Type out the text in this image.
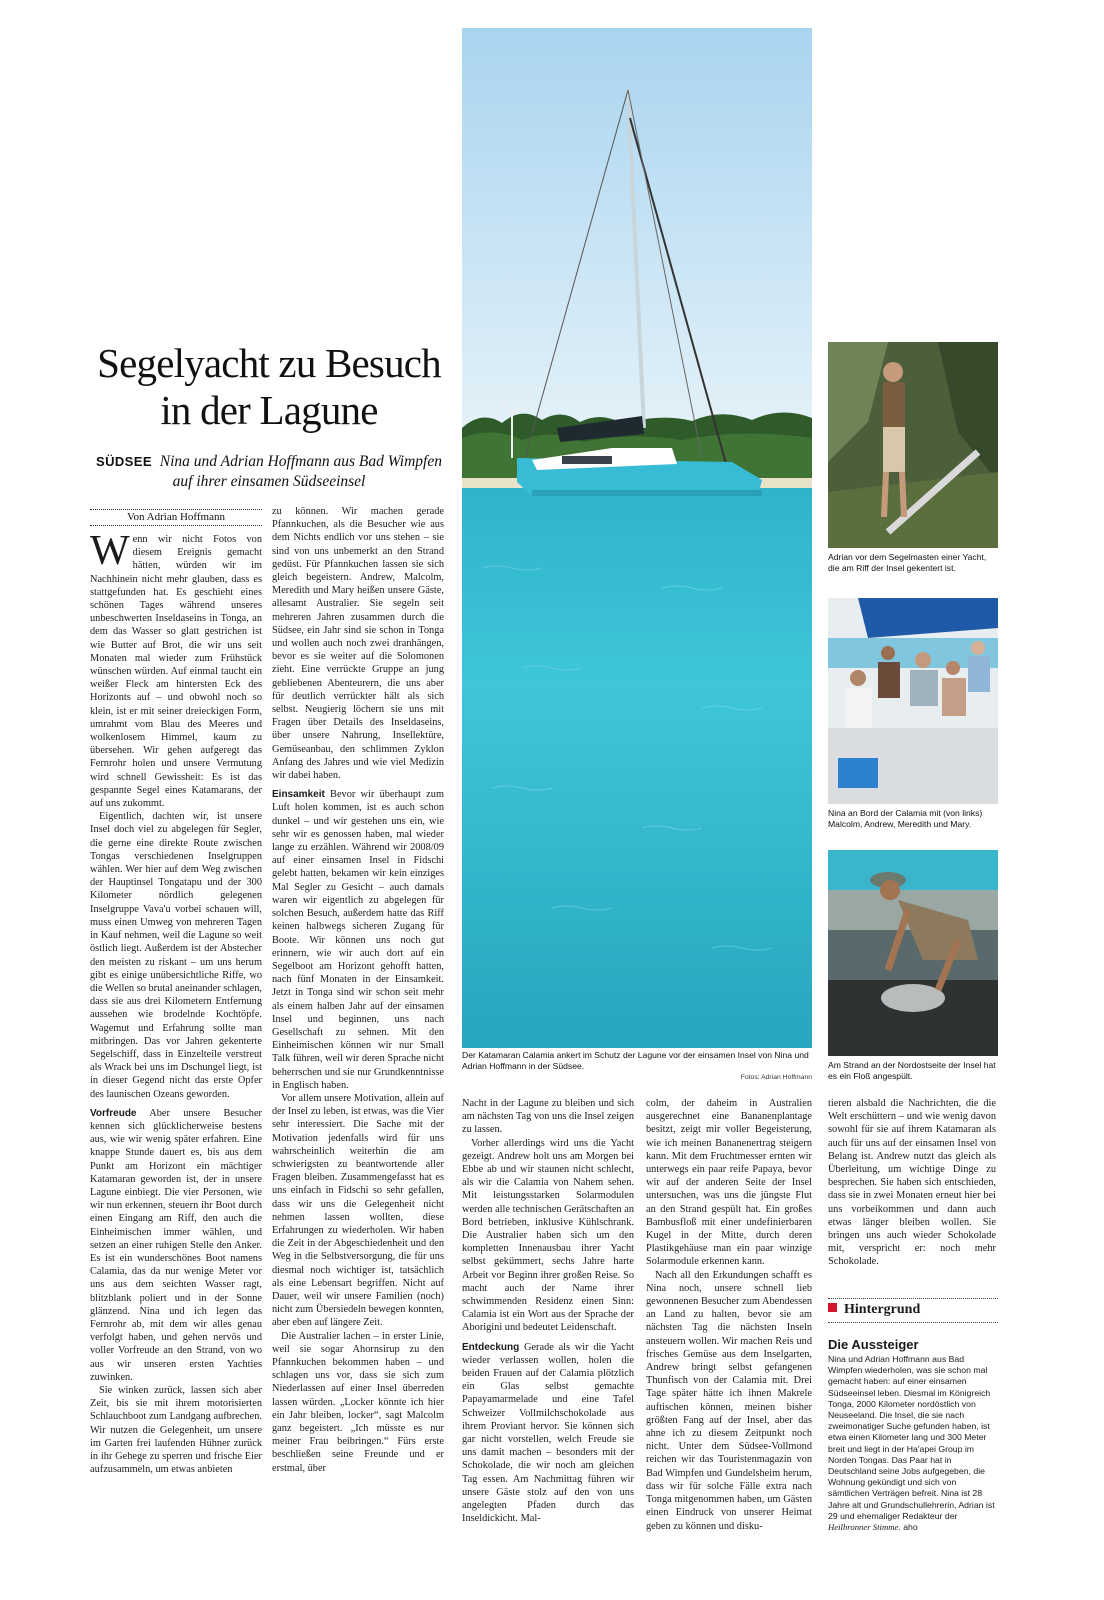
Segelyacht zu Besuch in der Lagune
SÜDSEE Nina und Adrian Hoffmann aus Bad Wimpfen auf ihrer einsamen Südseeinsel
Von Adrian Hoffmann

Wenn wir nicht Fotos von diesem Ereignis gemacht hätten, würden wir im Nachhinein nicht mehr glauben, dass es stattgefunden hat. Es geschieht eines schönen Tages während unseres unbeschwerten Inseldaseins in Tonga, an dem das Wasser so glatt gestrichen ist wie Butter auf Brot, die wir uns seit Monaten mal wieder zum Frühstück wünschen würden. Auf einmal taucht ein weißer Fleck am hintersten Eck des Horizonts auf – und obwohl noch so klein, ist er mit seiner dreieckigen Form, umrahmt vom Blau des Meeres und wolkenlosem Himmel, kaum zu übersehen. Wir gehen aufgeregt das Fernrohr holen und unsere Vermutung wird schnell Gewissheit: Es ist das gespannte Segel eines Katamarans, der auf uns zukommt.

Eigentlich, dachten wir, ist unsere Insel doch viel zu abgelegen für Segler, die gerne eine direkte Route zwischen Tongas verschiedenen Inselgruppen wählen. Wer hier auf dem Weg zwischen der Hauptinsel Tongatapu und der 300 Kilometer nördlich gelegenen Inselgruppe Vava'u vorbei schauen will, muss einen Umweg von mehreren Tagen in Kauf nehmen, weil die Lagune so weit östlich liegt. Außerdem ist der Abstecher den meisten zu riskant – um uns herum gibt es einige unübersichtliche Riffe, wo die Wellen so brutal aneinander schlagen, dass sie aus drei Kilometern Entfernung aussehen wie brodelnde Kochtöpfe. Wagemut und Erfahrung sollte man mitbringen. Das vor Jahren gekenterte Segelschiff, dass in Einzelteile verstreut als Wrack bei uns im Dschungel liegt, ist in dieser Gegend nicht das erste Opfer des launischen Ozeans geworden.

Vorfreude Aber unsere Besucher kennen sich glücklicherweise bestens aus, wie wir wenig später erfahren. Eine knappe Stunde dauert es, bis aus dem Punkt am Horizont ein mächtiger Katamaran geworden ist, der in unsere Lagune einbiegt. Die vier Personen, wie wir nun erkennen, steuern ihr Boot durch einen Eingang am Riff, den auch die Einheimischen immer wählen, und setzen an einer ruhigen Stelle den Anker. Es ist ein wunderschönes Boot namens Calamia, das da nur wenige Meter vor uns aus dem seichten Wasser ragt, blitzblank poliert und in der Sonne glänzend. Nina und ich legen das Fernrohr ab, mit dem wir alles genau verfolgt haben, und gehen nervös und voller Vorfreude an den Strand, von wo aus wir unseren ersten Yachties zuwinken.

Sie winken zurück, lassen sich aber Zeit, bis sie mit ihrem motorisierten Schlauchboot zum Landgang aufbrechen. Wir nutzen die Gelegenheit, um unsere im Garten frei laufenden Hühner zurück in ihr Gehege zu sperren und frische Eier aufzusammeln, um etwas anbieten

zu können. Wir machen gerade Pfannkuchen, als die Besucher wie aus dem Nichts endlich vor uns stehen – sie sind von uns unbemerkt an den Strand gedüst. Für Pfannkuchen lassen sie sich gleich begeistern. Andrew, Malcolm, Meredith und Mary heißen unsere Gäste, allesamt Australier. Sie segeln seit mehreren Jahren zusammen durch die Südsee, ein Jahr sind sie schon in Tonga und wollen auch noch zwei dranhängen, bevor es sie weiter auf die Solomonen zieht. Eine verrückte Gruppe an jung gebliebenen Abenteurern, die uns aber für deutlich verrückter hält als sich selbst. Neugierig löchern sie uns mit Fragen über Details des Inseldaseins, über unsere Nahrung, Insellektüre, Gemüseanbau, den schlimmen Zyklon Anfang des Jahres und wie viel Medizin wir dabei haben.

Einsamkeit Bevor wir überhaupt zum Luft holen kommen, ist es auch schon dunkel – und wir gestehen uns ein, wie sehr wir es genossen haben, mal wieder lange zu erzählen. Während wir 2008/09 auf einer einsamen Insel in Fidschi gelebt hatten, bekamen wir kein einziges Mal Segler zu Gesicht – auch damals waren wir eigentlich zu abgelegen für solchen Besuch, außerdem hatte das Riff keinen halbwegs sicheren Zugang für Boote. Wir können uns noch gut erinnern, wie wir auch dort auf ein Segelboot am Horizont gehofft hatten, nach fünf Monaten in der Einsamkeit. Jetzt in Tonga sind wir schon seit mehr als einem halben Jahr auf der einsamen Insel und beginnen, uns nach Gesellschaft zu sehnen. Mit den Einheimischen können wir nur Small Talk führen, weil wir deren Sprache nicht beherrschen und sie nur Grundkenntnisse in Englisch haben.

Vor allem unsere Motivation, allein auf der Insel zu leben, ist etwas, was die Vier sehr interessiert. Die Sache mit der Motivation jedenfalls wird für uns wahrscheinlich weiterhin die am schwierigsten zu beantwortende aller Fragen bleiben. Zusammengefasst hat es uns einfach in Fidschi so sehr gefallen, dass wir uns die Gelegenheit nicht nehmen lassen wollten, diese Erfahrungen zu wiederholen. Wir haben die Zeit in der Abgeschiedenheit und den Weg in die Selbstversorgung, die für uns diesmal noch wichtiger ist, tatsächlich als eine Lebensart begriffen. Nicht auf Dauer, weil wir unsere Familien (noch) nicht zum Übersiedeln bewegen konnten, aber eben auf längere Zeit.

Die Australier lachen – in erster Linie, weil sie sogar Ahornsirup zu den Pfannkuchen bekommen haben – und schlagen uns vor, dass sie sich zum Niederlassen auf einer Insel überreden lassen würden. „Locker könnte ich hier ein Jahr bleiben, locker“, sagt Malcolm ganz begeistert. „Ich müsste es nur meiner Frau beibringen.“ Fürs erste beschließen seine Freunde und er erstmal, über

Der Katamaran Calamia ankert im Schutz der Lagune vor der einsamen Insel von Nina und Adrian Hoffmann in der Südsee.
Fotos: Adrian Hoffmann
Adrian vor dem Segelmasten einer Yacht, die am Riff der Insel gekentert ist.
Nina an Bord der Calamia mit (von links) Malcolm, Andrew, Meredith und Mary.
Am Strand an der Nordostseite der Insel hat es ein Floß angespült.

Nacht in der Lagune zu bleiben und sich am nächsten Tag von uns die Insel zeigen zu lassen.

Vorher allerdings wird uns die Yacht gezeigt. Andrew holt uns am Morgen bei Ebbe ab und wir staunen nicht schlecht, als wir die Calamia von Nahem sehen. Mit leistungsstarken Solarmodulen werden alle technischen Gerätschaften an Bord betrieben, inklusive Kühlschrank. Die Australier haben sich um den kompletten Innenausbau ihrer Yacht selbst gekümmert, sechs Jahre harte Arbeit vor Beginn ihrer großen Reise. So macht auch der Name ihrer schwimmenden Residenz einen Sinn: Calamia ist ein Wort aus der Sprache der Aborigini und bedeutet Leidenschaft.

Entdeckung Gerade als wir die Yacht wieder verlassen wollen, holen die beiden Frauen auf der Calamia plötzlich ein Glas selbst gemachte Papayamarmelade und eine Tafel Schweizer Vollmilchschokolade aus ihrem Proviant hervor. Sie können sich gar nicht vorstellen, welch Freude sie uns damit machen – besonders mit der Schokolade, die wir noch am gleichen Tag essen. Am Nachmittag führen wir unsere Gäste stolz auf den von uns angelegten Pfaden durch das Inseldickicht. Mal-

colm, der daheim in Australien ausgerechnet eine Bananenplantage besitzt, zeigt mir voller Begeisterung, wie ich meinen Bananenertrag steigern kann. Mit dem Fruchtmesser ernten wir unterwegs ein paar reife Papaya, bevor wir auf der anderen Seite der Insel untersuchen, was uns die jüngste Flut an den Strand gespült hat. Ein großes Bambusfloß mit einer undefinierbaren Kugel in der Mitte, durch deren Plastikgehäuse man ein paar winzige Solarmodule erkennen kann.

Nach all den Erkundungen schafft es Nina noch, unsere schnell lieb gewonnenen Besucher zum Abendessen an Land zu halten, bevor sie am nächsten Tag die nächsten Inseln ansteuern wollen. Wir machen Reis und frisches Gemüse aus dem Inselgarten, Andrew bringt selbst gefangenen Thunfisch von der Calamia mit. Drei Tage später hätte ich ihnen Makrele auftischen können, meinen bisher größten Fang auf der Insel, aber das ahne ich zu diesem Zeitpunkt noch nicht. Unter dem Südsee-Vollmond reichen wir das Touristenmagazin von Bad Wimpfen und Gundelsheim herum, dass wir für solche Fälle extra nach Tonga mitgenommen haben, um Gästen einen Eindruck von unserer Heimat geben zu können und disku-

tieren alsbald die Nachrichten, die die Welt erschüttern – und wie wenig davon sowohl für sie auf ihrem Katamaran als auch für uns auf der einsamen Insel von Belang ist. Andrew nutzt das gleich als Überleitung, um wichtige Dinge zu besprechen. Sie haben sich entschieden, dass sie in zwei Monaten erneut hier bei uns vorbeikommen und dann auch etwas länger bleiben wollen. Sie bringen uns auch wieder Schokolade mit, verspricht er: noch mehr Schokolade.

Hintergrund
Die Aussteiger
Nina und Adrian Hoffmann aus Bad Wimpfen wiederholen, was sie schon mal gemacht haben: auf einer einsamen Südseeinsel leben. Diesmal im Königreich Tonga, 2000 Kilometer nordöstlich von Neuseeland. Die Insel, die sie nach zweimonatiger Suche gefunden haben, ist etwa einen Kilometer lang und 300 Meter breit und liegt in der Ha'apei Group im Norden Tongas. Das Paar hat in Deutschland seine Jobs aufgegeben, die Wohnung gekündigt und sich von sämtlichen Verträgen befreit. Nina ist 28 Jahre alt und Grundschullehrerin, Adrian ist 29 und ehemaliger Redakteur der Heilbronner Stimme. aho
